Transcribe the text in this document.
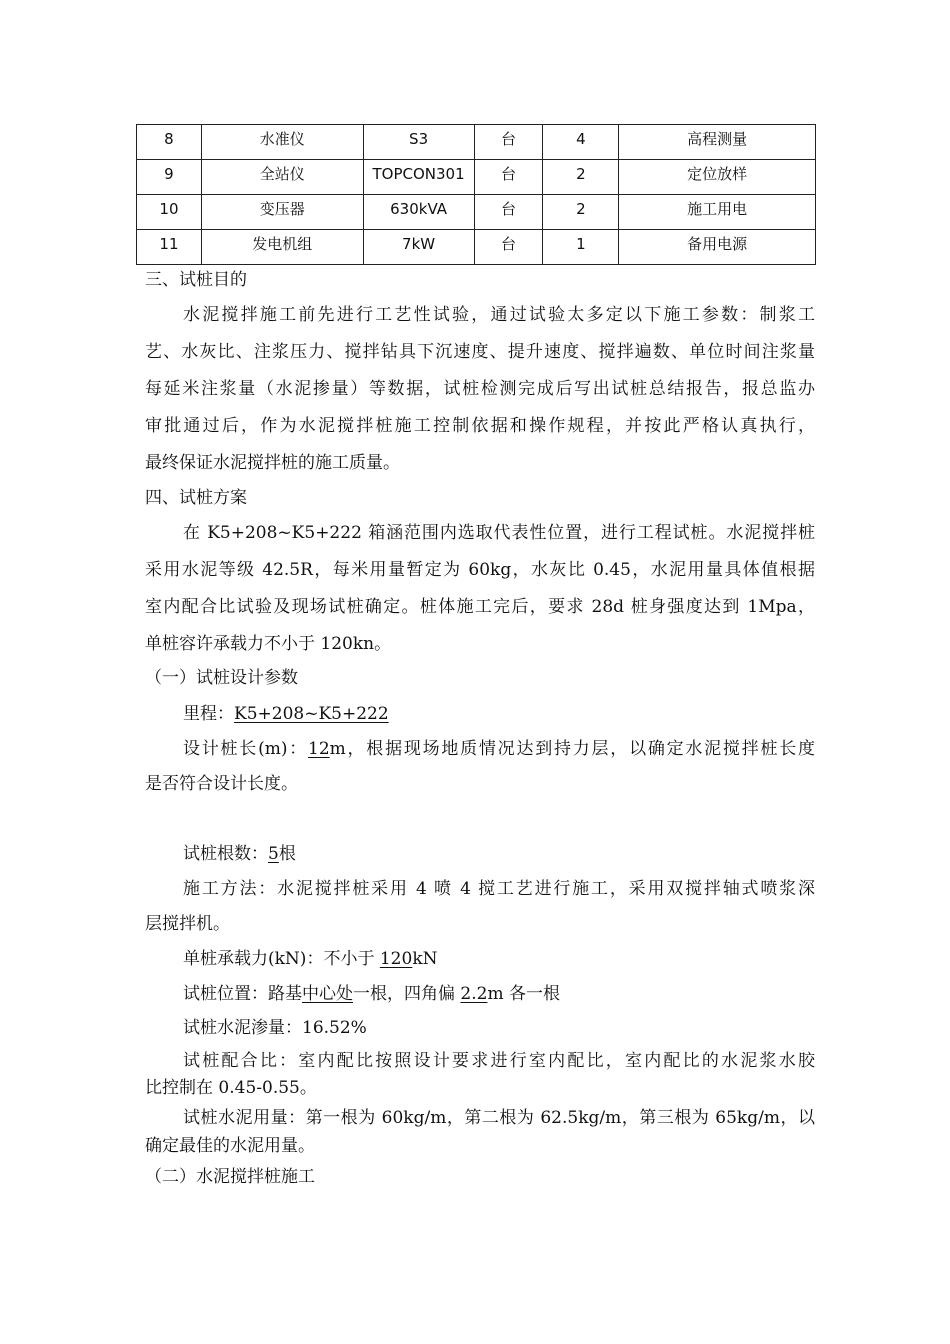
8	水准仪	S3	台	4	高程测量
9	全站仪	TOPCON301	台	2	定位放样
10	变压器	630kVA	台	2	施工用电
11	发电机组	7kW	台	1	备用电源
三、试桩目的
水泥搅拌施工前先进行工艺性试验，通过试验太多定以下施工参数：制浆工
艺、水灰比、注浆压力、搅拌钻具下沉速度、提升速度、搅拌遍数、单位时间注浆量
每延米注浆量（水泥掺量）等数据，试桩检测完成后写出试桩总结报告，报总监办
审批通过后，作为水泥搅拌桩施工控制依据和操作规程，并按此严格认真执行，
最终保证水泥搅拌桩的施工质量。
四、试桩方案
在 K5+208~K5+222 箱涵范围内选取代表性位置，进行工程试桩。水泥搅拌桩
采用水泥等级 42.5R，每米用量暂定为 60kg，水灰比 0.45，水泥用量具体值根据
室内配合比试验及现场试桩确定。桩体施工完后，要求 28d 桩身强度达到 1Mpa，
单桩容许承载力不小于 120kn。
（一）试桩设计参数
里程：K5+208~K5+222
设计桩长(m)：12m，根据现场地质情况达到持力层，以确定水泥搅拌桩长度
是否符合设计长度。
试桩根数：5根
施工方法：水泥搅拌桩采用 4 喷 4 搅工艺进行施工，采用双搅拌轴式喷浆深
层搅拌机。
单桩承载力(kN)：不小于 120kN
试桩位置：路基中心处一根，四角偏 2.2m 各一根
试桩水泥渗量：16.52%
试桩配合比：室内配比按照设计要求进行室内配比，室内配比的水泥浆水胶
比控制在 0.45-0.55。
试桩水泥用量：第一根为 60kg/m，第二根为 62.5kg/m，第三根为 65kg/m，以
确定最佳的水泥用量。
（二）水泥搅拌桩施工
